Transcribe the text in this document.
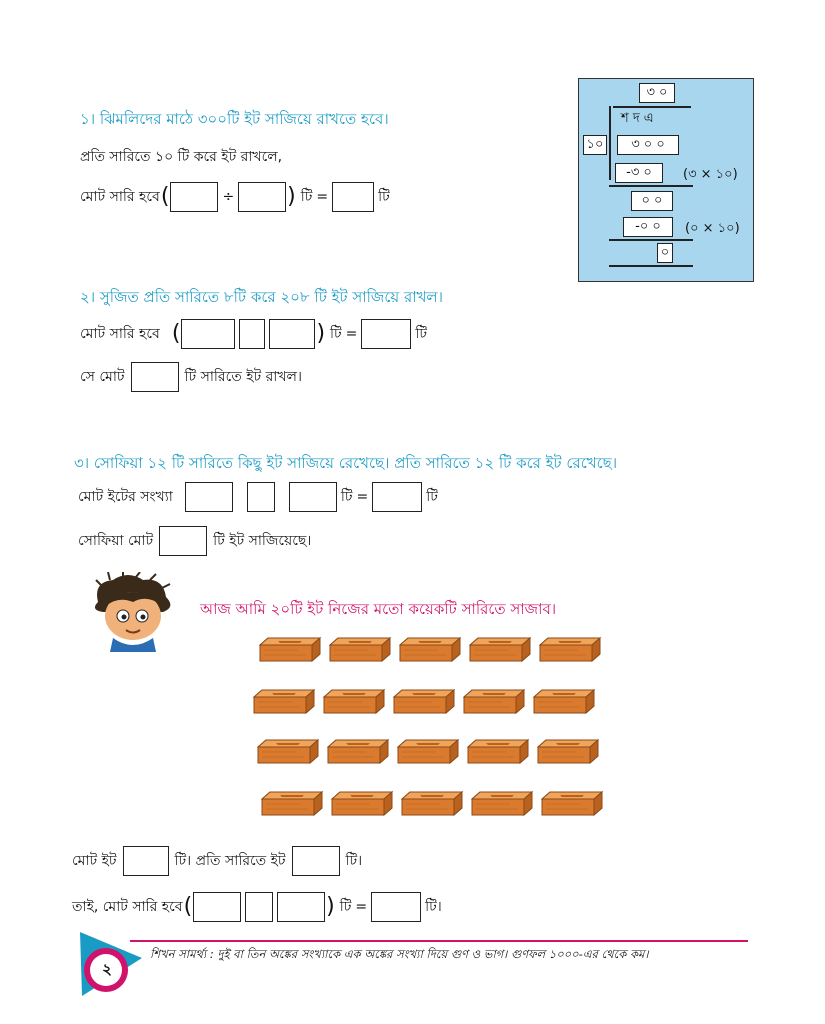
১। ঝিমলিদের মাঠে ৩০০টি ইট সাজিয়ে রাখতে হবে।
প্রতি সারিতে ১০ টি করে ইট রাখলে,
মোট সারি হবে (	÷ ) টি =	টি
৩ ০
শ দ এ
১০	৩ ০ ০
-৩ ০	(৩ × ১০)
০ ০
-০ ০	(০ × ১০)
০
২। সুজিত প্রতি সারিতে ৮টি করে ২০৮ টি ইট সাজিয়ে রাখল।
মোট সারি হবে (	) টি =	টি
সে মোট	টি সারিতে ইট রাখল।
৩। সোফিয়া ১২ টি সারিতে কিছু ইট সাজিয়ে রেখেছে। প্রতি সারিতে ১২ টি করে ইট রেখেছে।
মোট ইটের সংখ্যা	টি =	টি
সোফিয়া মোট	টি ইট সাজিয়েছে।
আজ আমি ২০টি ইট নিজের মতো কয়েকটি সারিতে সাজাব।
মোট ইট	টি। প্রতি সারিতে ইট	টি।
তাই, মোট সারি হবে (	) টি =	টি।
২
শিখন সামর্থ্য : দুই বা তিন অঙ্কের সংখ্যাকে এক অঙ্কের সংখ্যা দিয়ে গুণ ও ভাগ। গুণফল ১০০০-এর থেকে কম।
